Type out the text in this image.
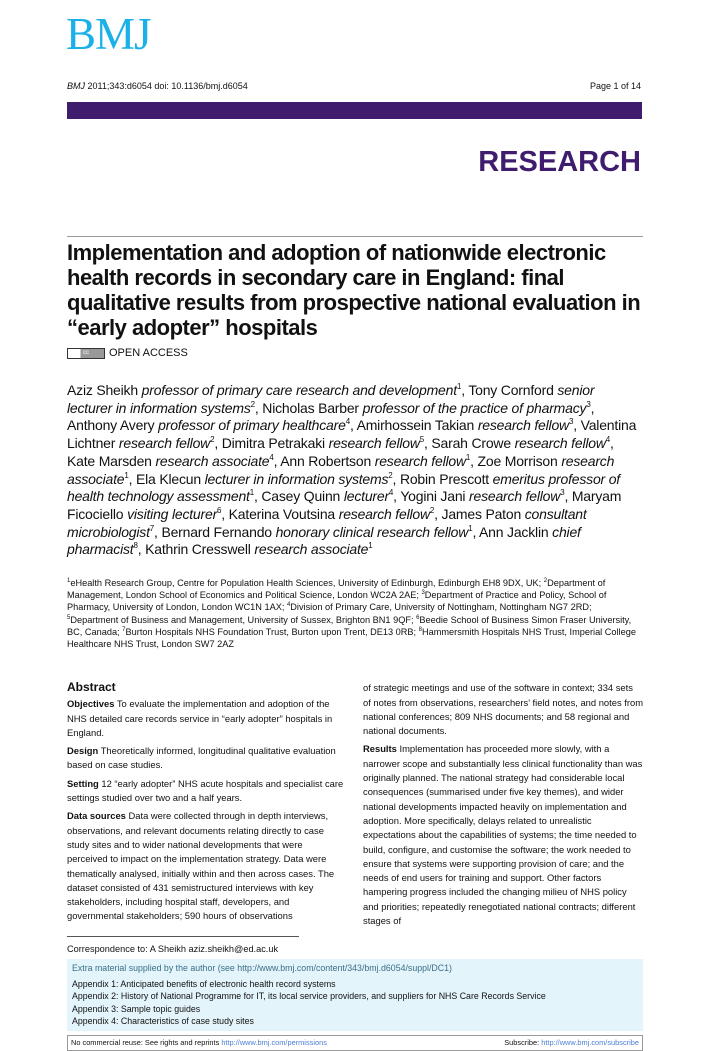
BMJ
BMJ 2011;343:d6054 doi: 10.1136/bmj.d6054	Page 1 of 14
RESEARCH
Implementation and adoption of nationwide electronic health records in secondary care in England: final qualitative results from prospective national evaluation in “early adopter” hospitals
cc	OPEN ACCESS
Aziz Sheikh professor of primary care research and development$^1$, Tony Cornford senior lecturer in information systems$^2$, Nicholas Barber professor of the practice of pharmacy$^3$, Anthony Avery professor of primary healthcare$^4$, Amirhossein Takian research fellow$^3$, Valentina Lichtner research fellow$^2$, Dimitra Petrakaki research fellow$^5$, Sarah Crowe research fellow$^4$, Kate Marsden research associate$^4$, Ann Robertson research fellow$^1$, Zoe Morrison research associate$^1$, Ela Klecun lecturer in information systems$^2$, Robin Prescott emeritus professor of health technology assessment$^1$, Casey Quinn lecturer$^4$, Yogini Jani research fellow$^3$, Maryam Ficociello visiting lecturer$^6$, Katerina Voutsina research fellow$^2$, James Paton consultant microbiologist$^7$, Bernard Fernando honorary clinical research fellow$^1$, Ann Jacklin chief pharmacist$^8$, Kathrin Cresswell research associate$^1$
$^1$eHealth Research Group, Centre for Population Health Sciences, University of Edinburgh, Edinburgh EH8 9DX, UK; $^2$Department of Management, London School of Economics and Political Science, London WC2A 2AE; $^3$Department of Practice and Policy, School of Pharmacy, University of London, London WC1N 1AX; $^4$Division of Primary Care, University of Nottingham, Nottingham NG7 2RD; $^5$Department of Business and Management, University of Sussex, Brighton BN1 9QF; $^6$Beedie School of Business Simon Fraser University, BC, Canada; $^7$Burton Hospitals NHS Foundation Trust, Burton upon Trent, DE13 0RB; $^8$Hammersmith Hospitals NHS Trust, Imperial College Healthcare NHS Trust, London SW7 2AZ
Abstract

Objectives To evaluate the implementation and adoption of the NHS detailed care records service in “early adopter” hospitals in England.

Design Theoretically informed, longitudinal qualitative evaluation based on case studies.

Setting 12 “early adopter” NHS acute hospitals and specialist care settings studied over two and a half years.

Data sources Data were collected through in depth interviews, observations, and relevant documents relating directly to case study sites and to wider national developments that were perceived to impact on the implementation strategy. Data were thematically analysed, initially within and then across cases. The dataset consisted of 431 semistructured interviews with key stakeholders, including hospital staff, developers, and governmental stakeholders; 590 hours of observations

of strategic meetings and use of the software in context; 334 sets of notes from observations, researchers’ field notes, and notes from national conferences; 809 NHS documents; and 58 regional and national documents.

Results Implementation has proceeded more slowly, with a narrower scope and substantially less clinical functionality than was originally planned. The national strategy had considerable local consequences (summarised under five key themes), and wider national developments impacted heavily on implementation and adoption. More specifically, delays related to unrealistic expectations about the capabilities of systems; the time needed to build, configure, and customise the software; the work needed to ensure that systems were supporting provision of care; and the needs of end users for training and support. Other factors hampering progress included the changing milieu of NHS policy and priorities; repeatedly renegotiated national contracts; different stages of

Correspondence to: A Sheikh aziz.sheikh@ed.ac.uk
Extra material supplied by the author (see http://www.bmj.com/content/343/bmj.d6054/suppl/DC1)
Appendix 1: Anticipated benefits of electronic health record systems
Appendix 2: History of National Programme for IT, its local service providers, and suppliers for NHS Care Records Service
Appendix 3: Sample topic guides
Appendix 4: Characteristics of case study sites
No commercial reuse: See rights and reprints http://www.bmj.com/permissions	Subscribe: http://www.bmj.com/subscribe
